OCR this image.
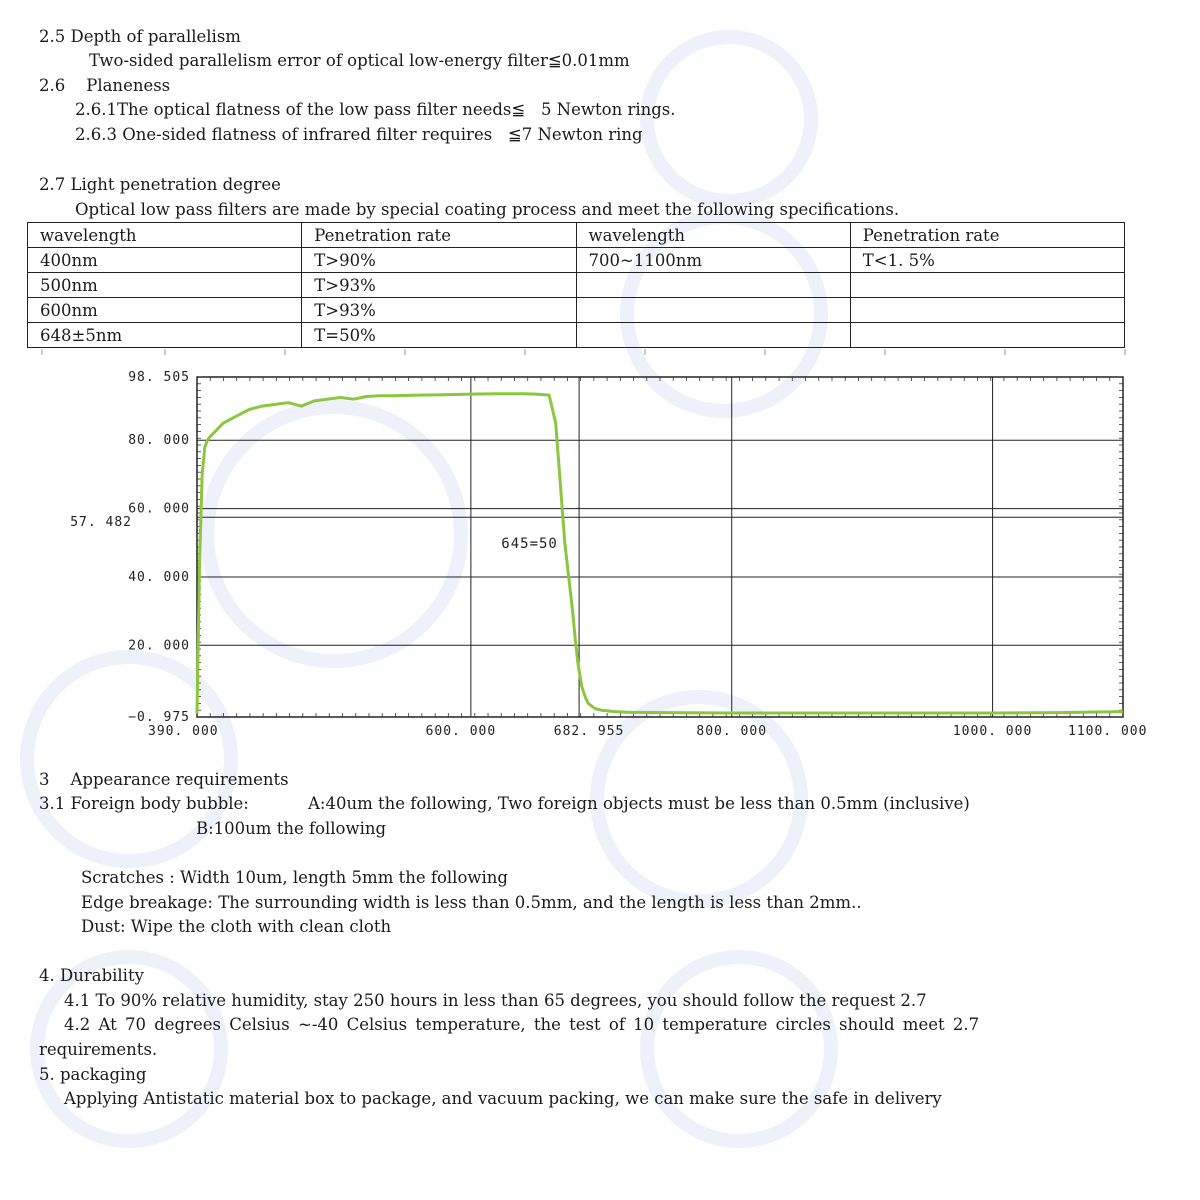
2.5 Depth of parallelism
Two-sided parallelism error of optical low-energy filter≦0.01mm
2.6    Planeness
2.6.1The optical flatness of the low pass filter needs≦   5 Newton rings.
2.6.3 One-sided flatness of infrared filter requires   ≦7 Newton ring
2.7 Light penetration degree
Optical low pass filters are made by special coating process and meet the following specifications.
wavelength	Penetration rate	wavelength	Penetration rate
400nm	T>90%	700~1100nm	T<1. 5%
500nm	T>93%		
600nm	T>93%		
648±5nm	T=50%		
98. 505
80. 000
60. 000
57. 482
40. 000
20. 000
−0. 975
390. 000	600. 000	682. 955	800. 000	1000. 000	1100. 000
645=50
3    Appearance requirements
3.1 Foreign body bubble:	A:40um the following, Two foreign objects must be less than 0.5mm (inclusive)
B:100um the following
Scratches : Width 10um, length 5mm the following
Edge breakage: The surrounding width is less than 0.5mm, and the length is less than 2mm..
Dust: Wipe the cloth with clean cloth
4. Durability
4.1 To 90% relative humidity, stay 250 hours in less than 65 degrees, you should follow the request 2.7
4.2 At 70 degrees Celsius ~-40 Celsius temperature, the test of 10 temperature circles should meet 2.7
requirements.
5. packaging
Applying Antistatic material box to package, and vacuum packing, we can make sure the safe in delivery
